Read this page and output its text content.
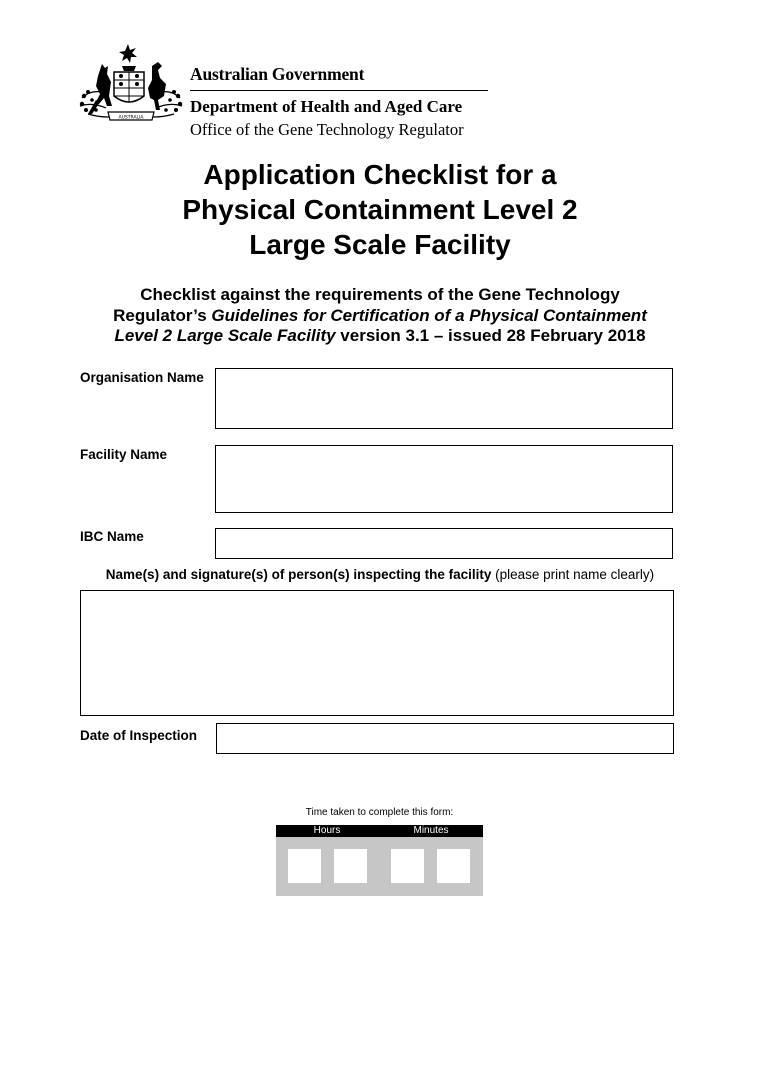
AUSTRALIA
Australian Government
Department of Health and Aged Care
Office of the Gene Technology Regulator
Application Checklist for a
Physical Containment Level 2
Large Scale Facility
Checklist against the requirements of the Gene Technology
Regulator’s Guidelines for Certification of a Physical Containment
Level 2 Large Scale Facility version 3.1 – issued 28 February 2018
Organisation Name
Facility Name
IBC Name
Name(s) and signature(s) of person(s) inspecting the facility (please print name clearly)
Date of Inspection
Time taken to complete this form:
Hours	Minutes
